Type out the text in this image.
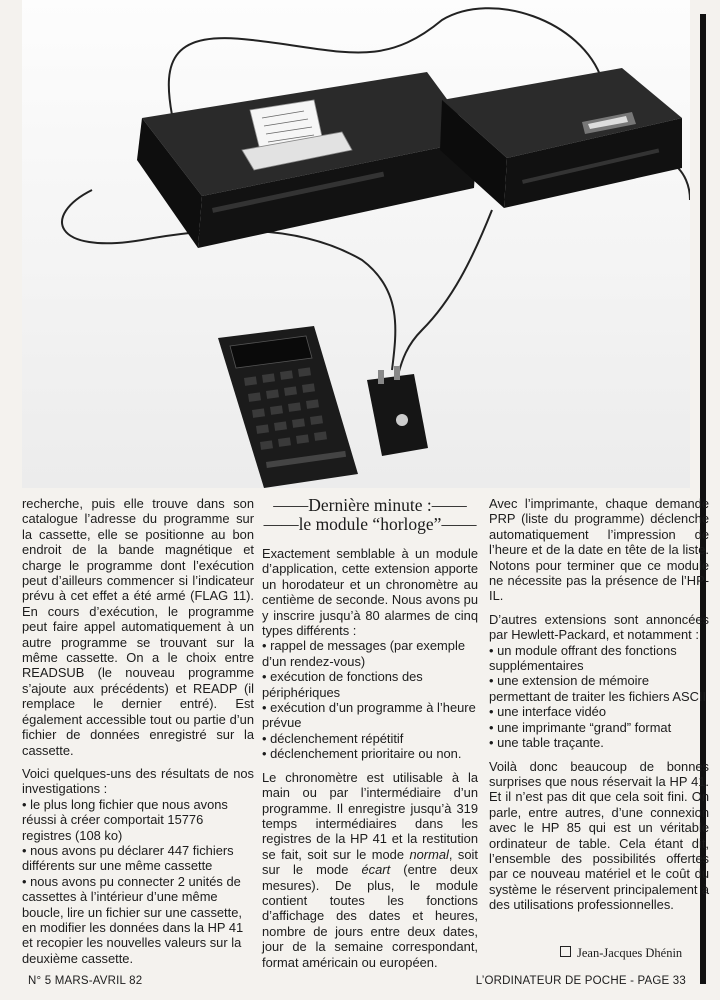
recherche, puis elle trouve dans son catalogue l’adresse du programme sur la cassette, elle se positionne au bon endroit de la bande magnétique et charge le programme dont l’exécution peut d’ailleurs commencer si l’indicateur prévu à cet effet a été armé (FLAG 11). En cours d’exécution, le programme peut faire appel automatiquement à un autre programme se trouvant sur la même cassette. On a le choix entre READSUB (le nouveau programme s’ajoute aux précédents) et READP (il remplace le dernier entré). Est également accessible tout ou partie d’un fichier de données enregistré sur la cassette.

Voici quelques-uns des résultats de nos investigations :

• le plus long fichier que nous avons réussi à créer comportait 15776 registres (108 ko)

• nous avons pu déclarer 447 fichiers différents sur une même cassette

• nous avons pu connecter 2 unités de cassettes à l’intérieur d’une même boucle, lire un fichier sur une cassette, en modifier les données dans la HP 41 et recopier les nouvelles valeurs sur la deuxième cassette.

—— Dernière minute : ——
—— le module “horloge” ——

Exactement semblable à un module d’application, cette extension apporte un horodateur et un chronomètre au centième de seconde. Nous avons pu y inscrire jusqu’à 80 alarmes de cinq types différents :

• rappel de messages (par exemple d’un rendez-vous)

• exécution de fonctions des périphériques

• exécution d’un programme à l’heure prévue

• déclenchement répétitif

• déclenchement prioritaire ou non.

Le chronomètre est utilisable à la main ou par l’intermédiaire d’un programme. Il enregistre jusqu’à 319 temps intermédiaires dans les registres de la HP 41 et la restitution se fait, soit sur le mode normal, soit sur le mode écart (entre deux mesures). De plus, le module contient toutes les fonctions d’affichage des dates et heures, nombre de jours entre deux dates, jour de la semaine correspondant, format américain ou européen.

Avec l’imprimante, chaque demande PRP (liste du programme) déclenche automatiquement l’impression de l’heure et de la date en tête de la liste. Notons pour terminer que ce module ne nécessite pas la présence de l’HP-IL.

D’autres extensions sont annoncées par Hewlett-Packard, et notamment :

• un module offrant des fonctions supplémentaires

• une extension de mémoire permettant de traiter les fichiers ASCII

• une interface vidéo

• une imprimante “grand” format

• une table traçante.

Voilà donc beaucoup de bonnes surprises que nous réservait la HP 41. Et il n’est pas dit que cela soit fini. On parle, entre autres, d’une connexion avec le HP 85 qui est un véritable ordinateur de table. Cela étant dit, l’ensemble des possibilités offertes par ce nouveau matériel et le coût du système le réservent principalement à des utilisations professionnelles.

Jean-Jacques Dhénin
N° 5 MARS-AVRIL 82	L’ORDINATEUR DE POCHE - PAGE 33
